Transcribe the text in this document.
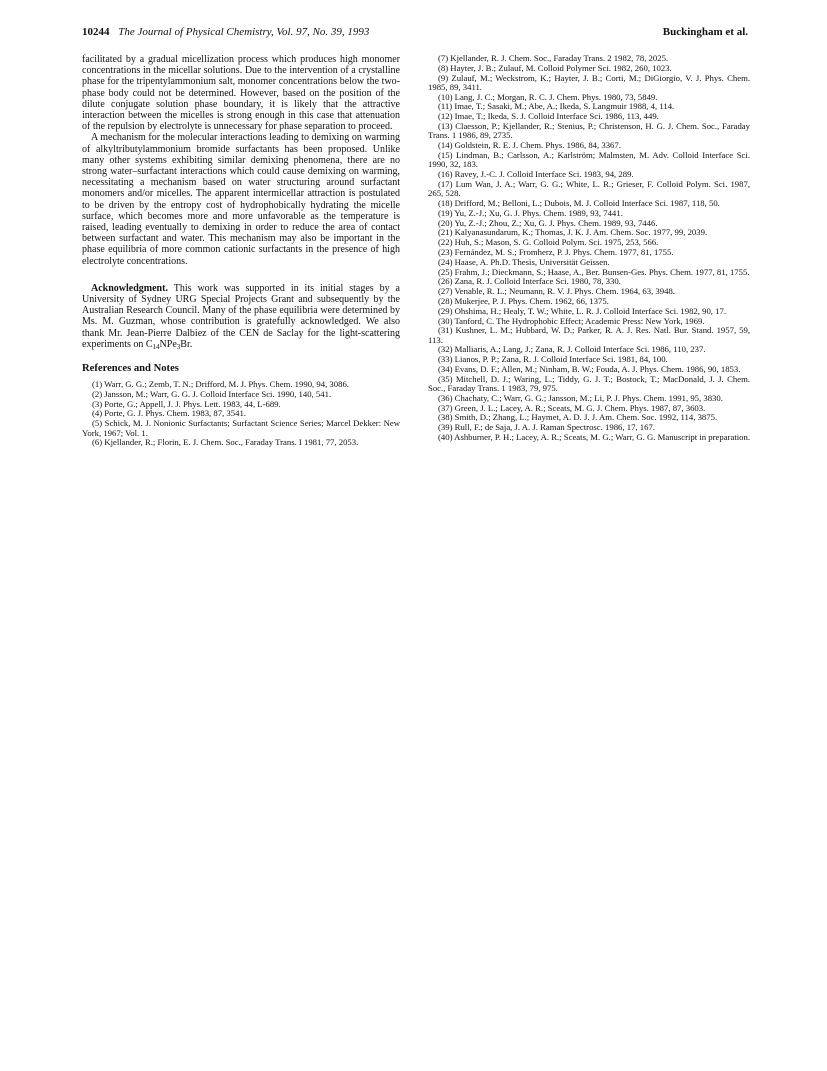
10244 The Journal of Physical Chemistry, Vol. 97, No. 39, 1993	Buckingham et al.

facilitated by a gradual micellization process which produces high monomer concentrations in the micellar solutions. Due to the intervention of a crystalline phase for the tripentylammonium salt, monomer concentrations below the two-phase body could not be determined. However, based on the position of the dilute conjugate solution phase boundary, it is likely that the attractive interaction between the micelles is strong enough in this case that attenuation of the repulsion by electrolyte is unnecessary for phase separation to proceed.

A mechanism for the molecular interactions leading to demixing on warming of alkyltributylammonium bromide surfactants has been proposed. Unlike many other systems exhibiting similar demixing phenomena, there are no strong water–surfactant interactions which could cause demixing on warming, necessitating a mechanism based on water structuring around surfactant monomers and/or micelles. The apparent intermicellar attraction is postulated to be driven by the entropy cost of hydrophobically hydrating the micelle surface, which becomes more and more unfavorable as the temperature is raised, leading eventually to demixing in order to reduce the area of contact between surfactant and water. This mechanism may also be important in the phase equilibria of more common cationic surfactants in the presence of high electrolyte concentrations.

Acknowledgment. This work was supported in its initial stages by a University of Sydney URG Special Projects Grant and subsequently by the Australian Research Council. Many of the phase equilibria were determined by Ms. M. Guzman, whose contribution is gratefully acknowledged. We also thank Mr. Jean-Pierre Dalbiez of the CEN de Saclay for the light-scattering experiments on $C_{14}NPe_3Br$.

References and Notes

(1) Warr, G. G.; Zemb, T. N.; Drifford, M. J. Phys. Chem. 1990, 94, 3086.

(2) Jansson, M.; Warr, G. G. J. Colloid Interface Sci. 1990, 140, 541.

(3) Porte, G.; Appell, J. J. Phys. Lett. 1983, 44, L-689.

(4) Porte, G. J. Phys. Chem. 1983, 87, 3541.

(5) Schick, M. J. Nonionic Surfactants; Surfactant Science Series; Marcel Dekker: New York, 1967; Vol. 1.

(6) Kjellander, R.; Florin, E. J. Chem. Soc., Faraday Trans. I 1981, 77, 2053.

(7) Kjellander, R. J. Chem. Soc., Faraday Trans. 2 1982, 78, 2025.

(8) Hayter, J. B.; Zulauf, M. Colloid Polymer Sci. 1982, 260, 1023.

(9) Zulauf, M.; Weckstrom, K.; Hayter, J. B.; Corti, M.; DiGiorgio, V. J. Phys. Chem. 1985, 89, 3411.

(10) Lang, J. C.; Morgan, R. C. J. Chem. Phys. 1980, 73, 5849.

(11) Imae, T.; Sasaki, M.; Abe, A.; Ikeda, S. Langmuir 1988, 4, 114.

(12) Imae, T.; Ikeda, S. J. Colloid Interface Sci. 1986, 113, 449.

(13) Claesson, P.; Kjellander, R.; Stenius, P.; Christenson, H. G. J. Chem. Soc., Faraday Trans. 1 1986, 89, 2735.

(14) Goldstein, R. E. J. Chem. Phys. 1986, 84, 3367.

(15) Lindman, B.; Carlsson, A.; Karlström; Malmsten, M. Adv. Colloid Interface Sci. 1990, 32, 183.

(16) Ravey, J.-C. J. Colloid Interface Sci. 1983, 94, 289.

(17) Lum Wan, J. A.; Warr, G. G.; White, L. R.; Grieser, F. Colloid Polym. Sci. 1987, 265, 528.

(18) Drifford, M.; Belloni, L.; Dubois, M. J. Colloid Interface Sci. 1987, 118, 50.

(19) Yu, Z.-J.; Xu, G. J. Phys. Chem. 1989, 93, 7441.

(20) Yu, Z.-J.; Zhou, Z.; Xu, G. J. Phys. Chem. 1989, 93, 7446.

(21) Kalyanasundarum, K.; Thomas, J. K. J. Am. Chem. Soc. 1977, 99, 2039.

(22) Huh, S.; Mason, S. G. Colloid Polym. Sci. 1975, 253, 566.

(23) Fernández, M. S.; Fromherz, P. J. Phys. Chem. 1977, 81, 1755.

(24) Haase, A. Ph.D. Thesis, Universität Geissen.

(25) Frahm, J.; Dieckmann, S.; Haase, A., Ber. Bunsen-Ges. Phys. Chem. 1977, 81, 1755.

(26) Zana, R. J. Colloid Interface Sci. 1980, 78, 330.

(27) Venable, R. L.; Neumann, R. V. J. Phys. Chem. 1964, 63, 3948.

(28) Mukerjee, P. J. Phys. Chem. 1962, 66, 1375.

(29) Ohshima, H.; Healy, T. W.; White, L. R. J. Colloid Interface Sci. 1982, 90, 17.

(30) Tanford, C. The Hydrophobic Effect; Academic Press: New York, 1969.

(31) Kushner, L. M.; Hubbard, W. D.; Parker, R. A. J. Res. Natl. Bur. Stand. 1957, 59, 113.

(32) Malliaris, A.; Lang, J.; Zana, R. J. Colloid Interface Sci. 1986, 110, 237.

(33) Lianos, P. P.; Zana, R. J. Colloid Interface Sci. 1981, 84, 100.

(34) Evans, D. F.; Allen, M.; Ninham, B. W.; Fouda, A. J. Phys. Chem. 1986, 90, 1853.

(35) Mitchell, D. J.; Waring, L.; Tiddy, G. J. T.; Bostock, T.; MacDonald, J. J. Chem. Soc., Faraday Trans. 1 1983, 79, 975.

(36) Chachaty, C.; Warr, G. G.; Jansson, M.; Li, P. J. Phys. Chem. 1991, 95, 3830.

(37) Green, J. L.; Lacey, A. R.; Sceats, M. G. J. Chem. Phys. 1987, 87, 3603.

(38) Smith, D.; Zhang, L.; Haymet, A. D. J. J. Am. Chem. Soc. 1992, 114, 3875.

(39) Rull, F.; de Saja, J. A. J. Raman Spectrosc. 1986, 17, 167.

(40) Ashburner, P. H.; Lacey, A. R.; Sceats, M. G.; Warr, G. G. Manuscript in preparation.
